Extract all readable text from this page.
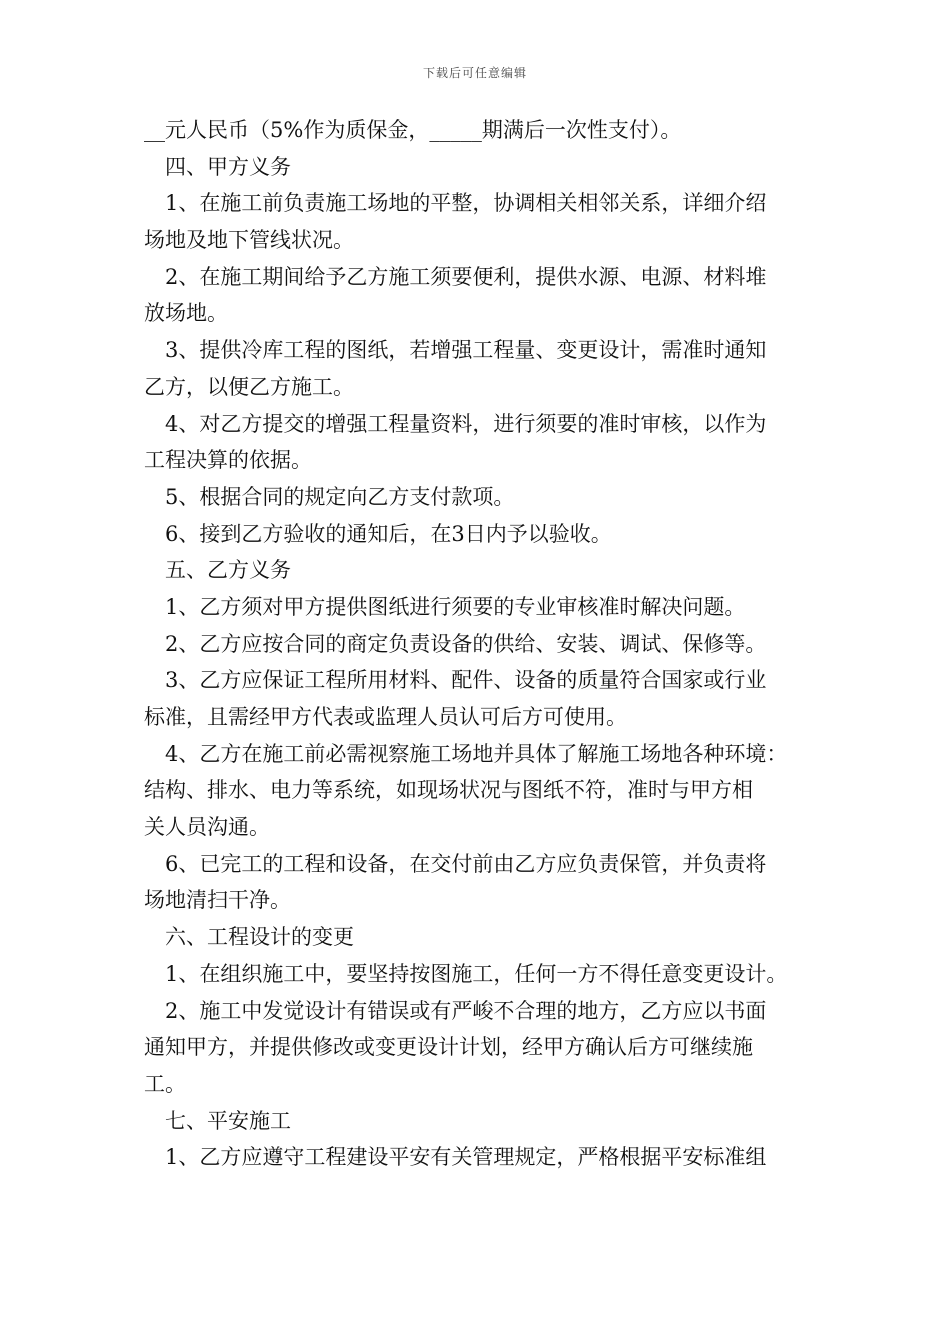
下载后可任意编辑
__元人民币（5%作为质保金，_____期满后一次性支付）。
四、甲方义务
1、在施工前负责施工场地的平整，协调相关相邻关系，详细介绍
场地及地下管线状况。
2、在施工期间给予乙方施工须要便利，提供水源、电源、材料堆
放场地。
3、提供冷库工程的图纸，若增强工程量、变更设计，需准时通知
乙方，以便乙方施工。
4、对乙方提交的增强工程量资料，进行须要的准时审核，以作为
工程决算的依据。
5、根据合同的规定向乙方支付款项。
6、接到乙方验收的通知后，在3日内予以验收。
五、乙方义务
1、乙方须对甲方提供图纸进行须要的专业审核准时解决问题。
2、乙方应按合同的商定负责设备的供给、安装、调试、保修等。
3、乙方应保证工程所用材料、配件、设备的质量符合国家或行业
标准，且需经甲方代表或监理人员认可后方可使用。
4、乙方在施工前必需视察施工场地并具体了解施工场地各种环境：
结构、排水、电力等系统，如现场状况与图纸不符，准时与甲方相
关人员沟通。
6、已完工的工程和设备，在交付前由乙方应负责保管，并负责将
场地清扫干净。
六、工程设计的变更
1、在组织施工中，要坚持按图施工，任何一方不得任意变更设计。
2、施工中发觉设计有错误或有严峻不合理的地方，乙方应以书面
通知甲方，并提供修改或变更设计计划，经甲方确认后方可继续施
工。
七、平安施工
1、乙方应遵守工程建设平安有关管理规定，严格根据平安标准组
